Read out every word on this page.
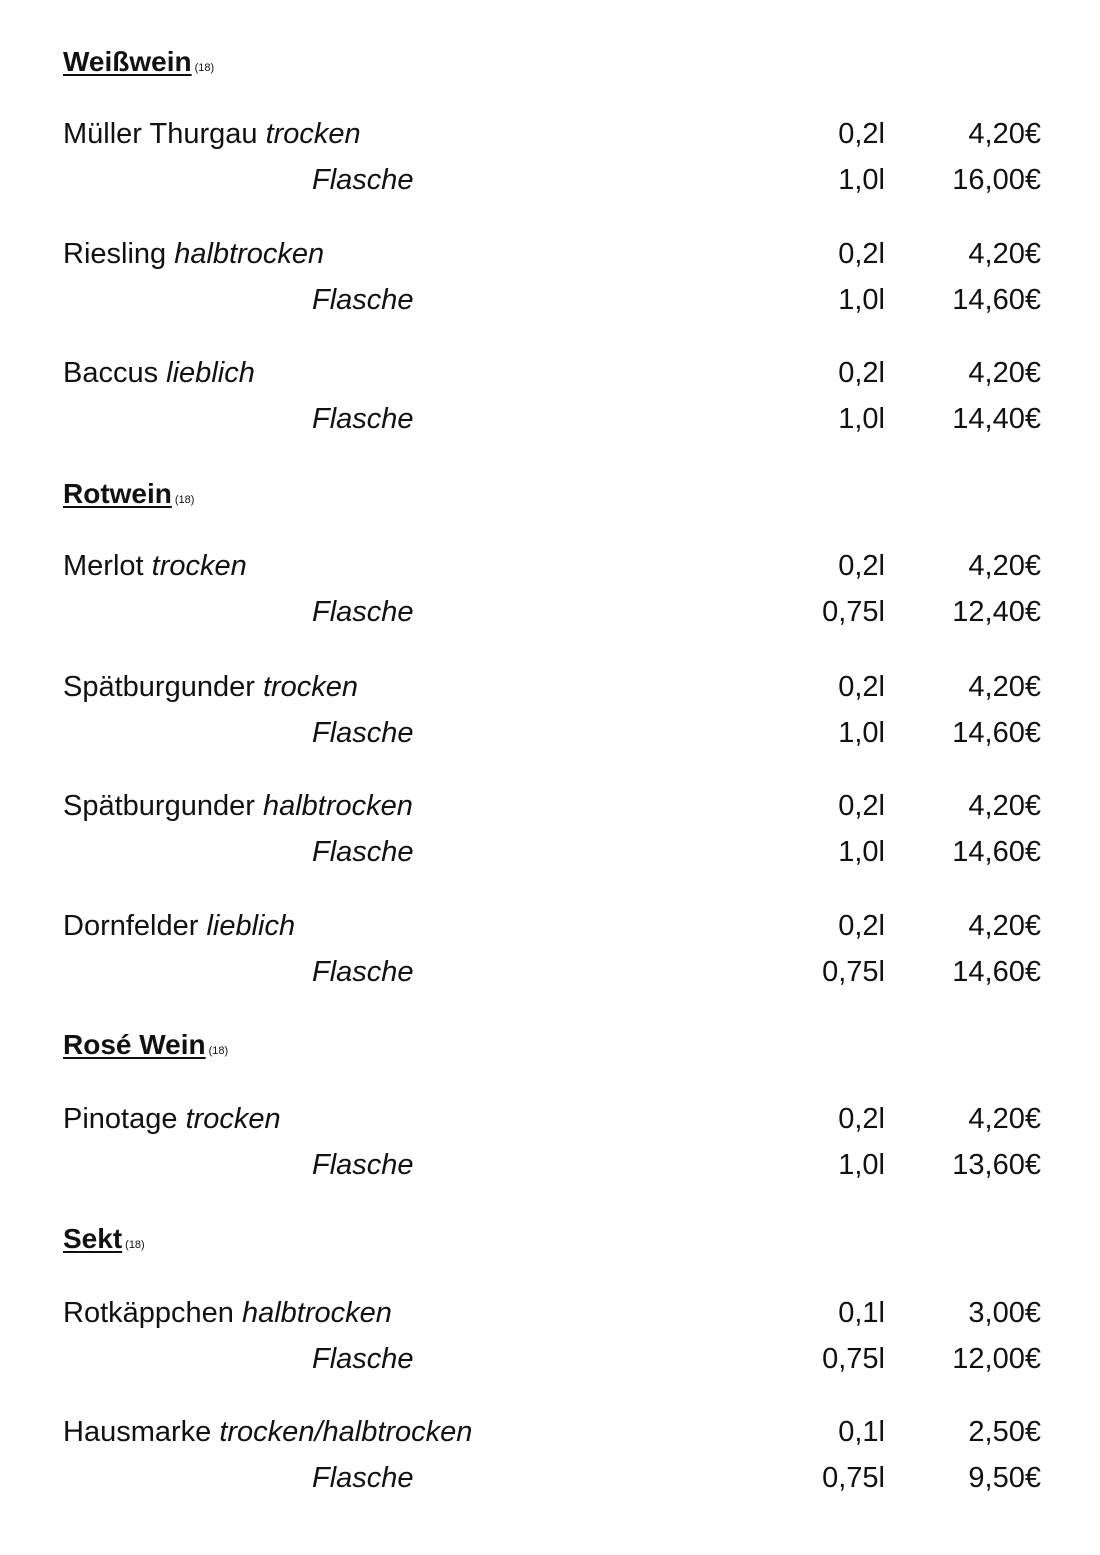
Weißwein (18)
Müller Thurgau trocken	0,2l	4,20€
Flasche	1,0l 16,00€
Riesling halbtrocken	0,2l	4,20€
Flasche	1,0l 14,60€
Baccus lieblich	0,2l	4,20€
Flasche	1,0l 14,40€
Rotwein (18)
Merlot trocken	0,2l	4,20€
Flasche	0,75l 12,40€
Spätburgunder trocken	0,2l	4,20€
Flasche	1,0l 14,60€
Spätburgunder halbtrocken	0,2l	4,20€
Flasche	1,0l 14,60€
Dornfelder lieblich	0,2l	4,20€
Flasche	0,75l 14,60€
Rosé Wein (18)
Pinotage trocken	0,2l	4,20€
Flasche	1,0l 13,60€
Sekt (18)
Rotkäppchen halbtrocken	0,1l	3,00€
Flasche	0,75l 12,00€
Hausmarke trocken/halbtrocken	0,1l	2,50€
Flasche	0,75l	9,50€
